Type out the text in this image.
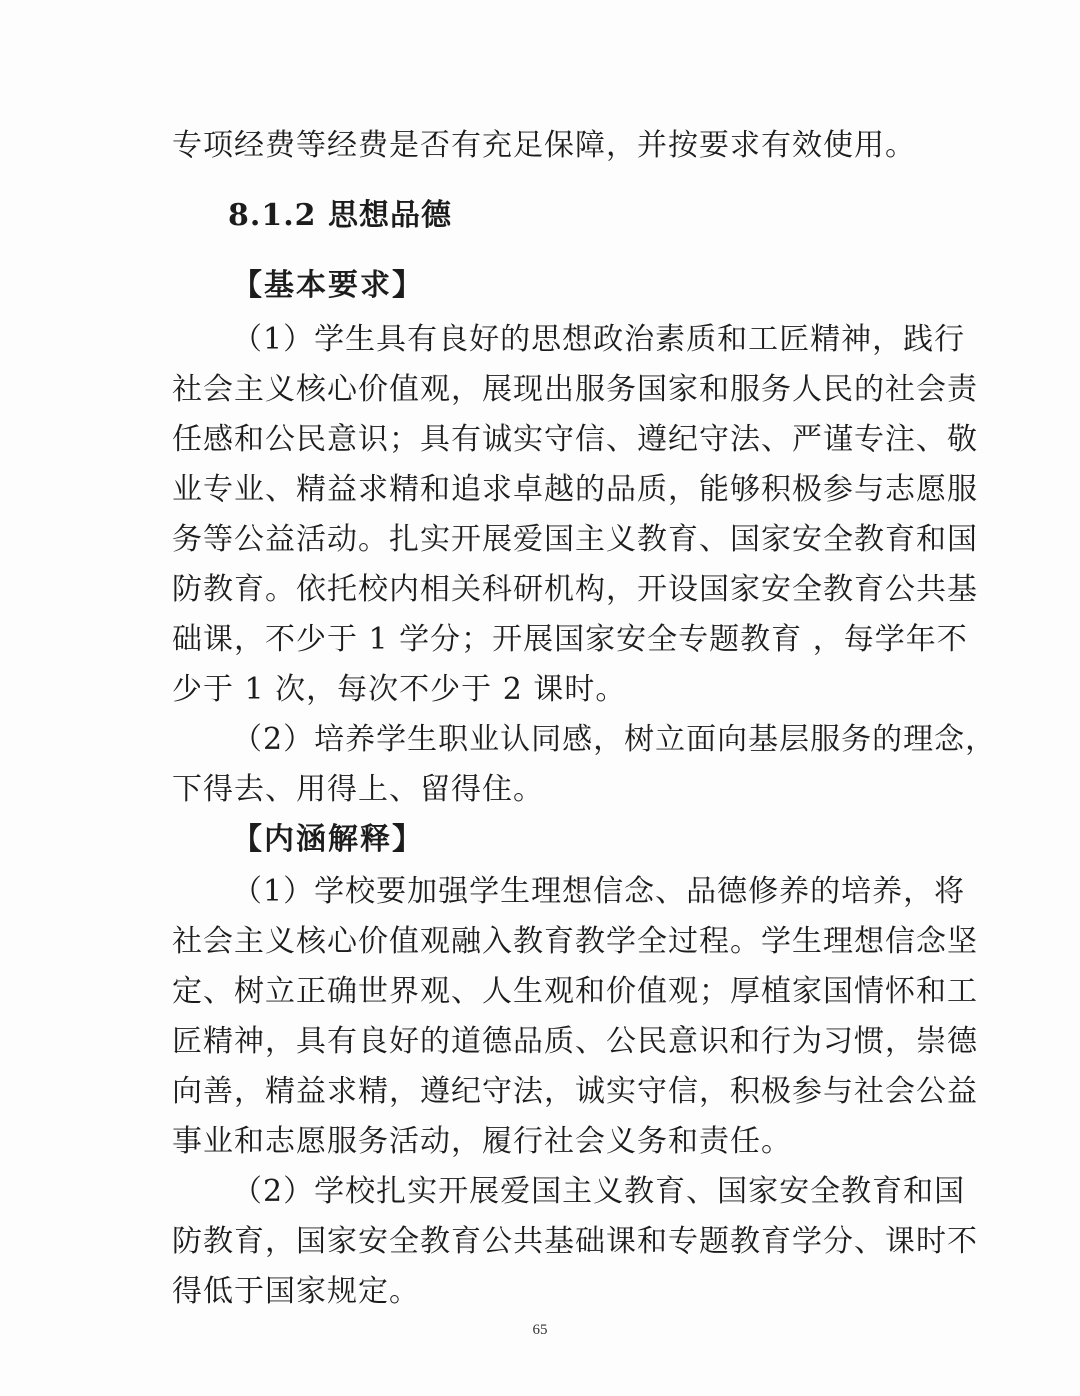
专项经费等经费是否有充足保障，并按要求有效使用。
8.1.2 思想品德
【基本要求】
（1）学生具有良好的思想政治素质和工匠精神，践行
社会主义核心价值观，展现出服务国家和服务人民的社会责
任感和公民意识；具有诚实守信、遵纪守法、严谨专注、敬
业专业、精益求精和追求卓越的品质，能够积极参与志愿服
务等公益活动。扎实开展爱国主义教育、国家安全教育和国
防教育。依托校内相关科研机构，开设国家安全教育公共基
础课，不少于 1 学分；开展国家安全专题教育 ，每学年不
少于 1 次，每次不少于 2 课时。
（2）培养学生职业认同感，树立面向基层服务的理念，
下得去、用得上、留得住。
【内涵解释】
（1）学校要加强学生理想信念、品德修养的培养，将
社会主义核心价值观融入教育教学全过程。学生理想信念坚
定、树立正确世界观、人生观和价值观；厚植家国情怀和工
匠精神，具有良好的道德品质、公民意识和行为习惯，崇德
向善，精益求精，遵纪守法，诚实守信，积极参与社会公益
事业和志愿服务活动，履行社会义务和责任。
（2）学校扎实开展爱国主义教育、国家安全教育和国
防教育，国家安全教育公共基础课和专题教育学分、课时不
得低于国家规定。
65
